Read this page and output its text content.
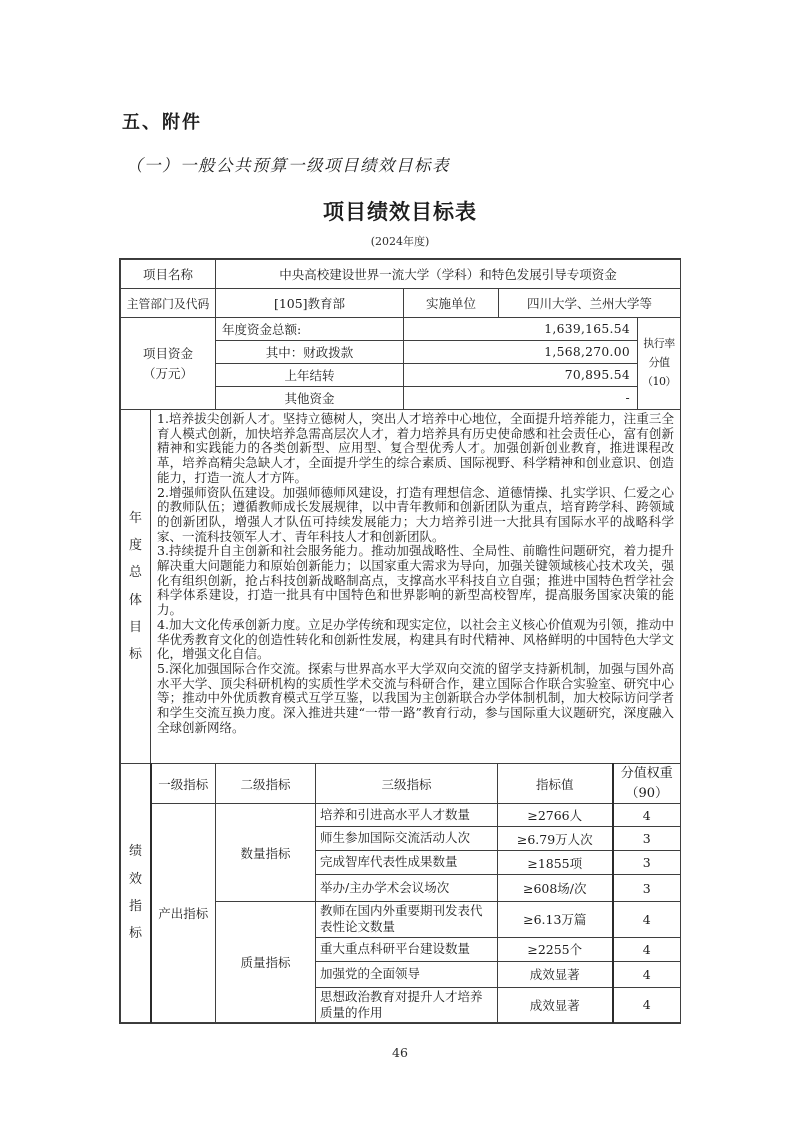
五、附件
（一）一般公共预算一级项目绩效目标表
项目绩效目标表
(2024年度)
项目名称	中央高校建设世界一流大学（学科）和特色发展引导专项资金		
主管部门及代码	[105]教育部	实施单位	四川大学、兰州大学等
项目资金
（万元）
	年度资金总额:	1,639,165.54	
执行率
分值（10）

	其中：财政拨款	1,568,270.00	
	上年结转	70,895.54	
	其他资金	-	
年度总体目标	

1.培养拔尖创新人才。坚持立德树人，突出人才培养中心地位，全面提升培养能力，注重三全育人模式创新，加快培养急需高层次人才，着力培养具有历史使命感和社会责任心，富有创新精神和实践能力的各类创新型、应用型、复合型优秀人才。加强创新创业教育，推进课程改革，培养高精尖急缺人才，全面提升学生的综合素质、国际视野、科学精神和创业意识、创造能力，打造一流人才方阵。

2.增强师资队伍建设。加强师德师风建设，打造有理想信念、道德情操、扎实学识、仁爱之心的教师队伍；遵循教师成长发展规律，以中青年教师和创新团队为重点，培育跨学科、跨领域的创新团队，增强人才队伍可持续发展能力；大力培养引进一大批具有国际水平的战略科学家、一流科技领军人才、青年科技人才和创新团队。

3.持续提升自主创新和社会服务能力。推动加强战略性、全局性、前瞻性问题研究，着力提升解决重大问题能力和原始创新能力；以国家重大需求为导向，加强关键领域核心技术攻关，强化有组织创新，抢占科技创新战略制高点，支撑高水平科技自立自强；推进中国特色哲学社会科学体系建设，打造一批具有中国特色和世界影响的新型高校智库，提高服务国家决策的能力。

4.加大文化传承创新力度。立足办学传统和现实定位，以社会主义核心价值观为引领，推动中华优秀教育文化的创造性转化和创新性发展，构建具有时代精神、风格鲜明的中国特色大学文化，增强文化自信。

5.深化加强国际合作交流。探索与世界高水平大学双向交流的留学支持新机制，加强与国外高水平大学、顶尖科研机构的实质性学术交流与科研合作，建立国际合作联合实验室、研究中心等；推动中外优质教育模式互学互鉴，以我国为主创新联合办学体制机制，加大校际访问学者和学生交流互换力度。深入推进共建“一带一路”教育行动，参与国际重大议题研究，深度融入全球创新网络。

绩效指标	一级指标	二级指标	三级指标	指标值	分值权重（90）
	产出指标	数量指标	培养和引进高水平人才数量	≥2766人	4
			师生参加国际交流活动人次	≥6.79万人次	3
			完成智库代表性成果数量	≥1855项	3
			举办/主办学术会议场次	≥608场/次	3
		质量指标	教师在国内外重要期刊发表代表性论文数量	≥6.13万篇	4
			重大重点科研平台建设数量	≥2255个	4
			加强党的全面领导	成效显著	4
			思想政治教育对提升人才培养质量的作用	成效显著	4
46
